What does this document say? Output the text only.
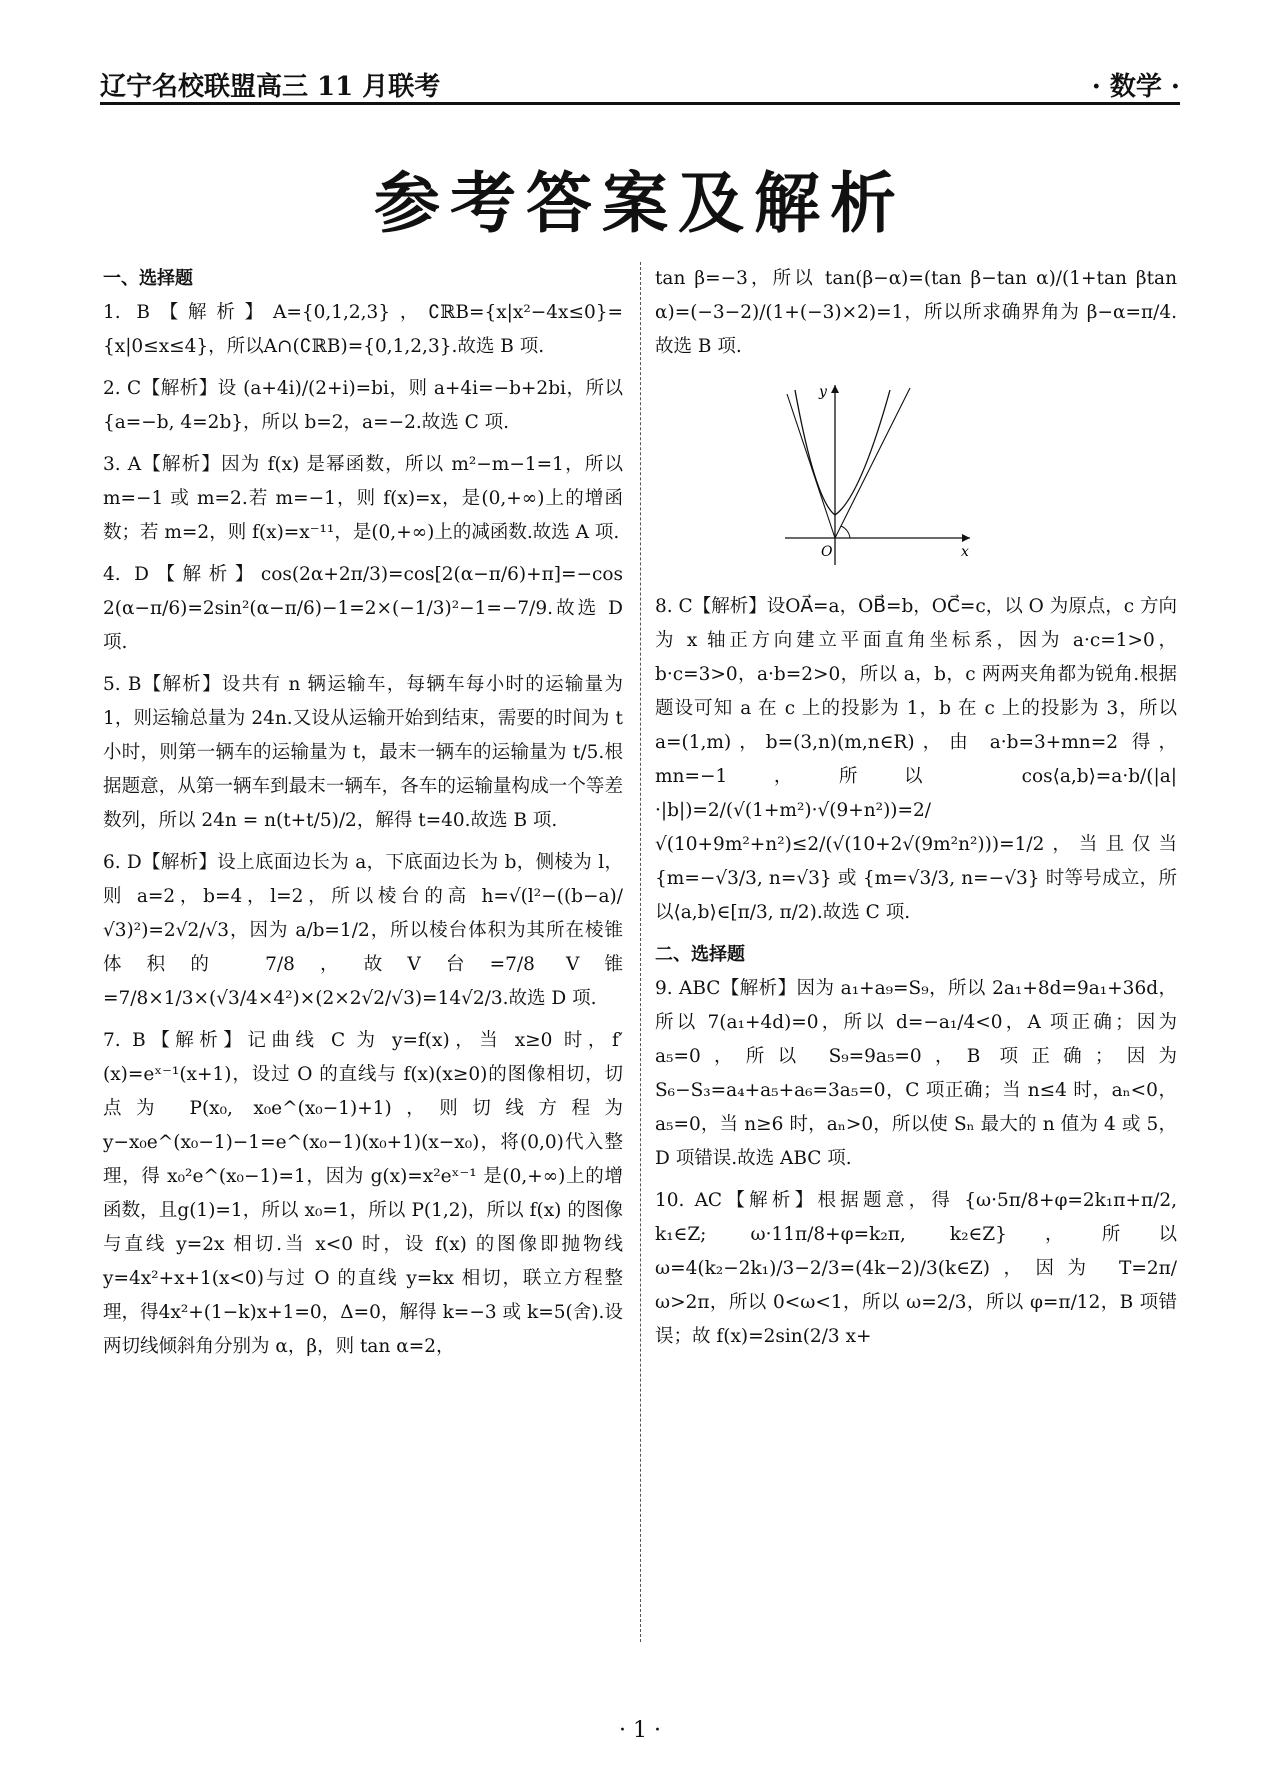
辽宁名校联盟高三 11 月联考	· 数学 ·
参考答案及解析
一、选择题

1. B【解析】A={0,1,2,3}，∁ℝB={x|x²−4x≤0}={x|0≤x≤4}，所以A∩(∁ℝB)={0,1,2,3}.故选 B 项.

2. C【解析】设 (a+4i)/(2+i)=bi，则 a+4i=−b+2bi，所以 {a=−b, 4=2b}，所以 b=2，a=−2.故选 C 项.

3. A【解析】因为 f(x) 是幂函数，所以 m²−m−1=1，所以 m=−1 或 m=2.若 m=−1，则 f(x)=x，是(0,+∞)上的增函数；若 m=2，则 f(x)=x⁻¹¹，是(0,+∞)上的减函数.故选 A 项.

4. D【解析】cos(2α+2π/3)=cos[2(α−π/6)+π]=−cos 2(α−π/6)=2sin²(α−π/6)−1=2×(−1/3)²−1=−7/9.故选 D 项.

5. B【解析】设共有 n 辆运输车，每辆车每小时的运输量为 1，则运输总量为 24n.又设从运输开始到结束，需要的时间为 t 小时，则第一辆车的运输量为 t，最末一辆车的运输量为 t/5.根据题意，从第一辆车到最末一辆车，各车的运输量构成一个等差数列，所以 24n = n(t+t/5)/2，解得 t=40.故选 B 项.

6. D【解析】设上底面边长为 a，下底面边长为 b，侧棱为 l，则 a=2，b=4，l=2，所以棱台的高 h=√(l²−((b−a)/√3)²)=2√2/√3，因为 a/b=1/2，所以棱台体积为其所在棱锥体积的 7/8，故V台=7/8 V锥=7/8×1/3×(√3/4×4²)×(2×2√2/√3)=14√2/3.故选 D 项.

7. B【解析】记曲线 C 为 y=f(x)，当 x≥0 时，f′(x)=eˣ⁻¹(x+1)，设过 O 的直线与 f(x)(x≥0)的图像相切，切点为 P(x₀, x₀e^(x₀−1)+1)，则切线方程为 y−x₀e^(x₀−1)−1=e^(x₀−1)(x₀+1)(x−x₀)，将(0,0)代入整理，得 x₀²e^(x₀−1)=1，因为 g(x)=x²eˣ⁻¹ 是(0,+∞)上的增函数，且g(1)=1，所以 x₀=1，所以 P(1,2)，所以 f(x) 的图像与直线 y=2x 相切.当 x<0 时，设 f(x) 的图像即抛物线 y=4x²+x+1(x<0)与过 O 的直线 y=kx 相切，联立方程整理，得4x²+(1−k)x+1=0，Δ=0，解得 k=−3 或 k=5(舍).设两切线倾斜角分别为 α，β，则 tan α=2，

tan β=−3，所以 tan(β−α)=(tan β−tan α)/(1+tan βtan α)=(−3−2)/(1+(−3)×2)=1，所以所求确界角为 β−α=π/4.故选 B 项.

y
x
O

8. C【解析】设OA⃗=a，OB⃗=b，OC⃗=c，以 O 为原点，c 方向为 x 轴正方向建立平面直角坐标系，因为 a·c=1>0，b·c=3>0，a·b=2>0，所以 a，b，c 两两夹角都为锐角.根据题设可知 a 在 c 上的投影为 1，b 在 c 上的投影为 3，所以 a=(1,m)，b=(3,n)(m,n∈R)，由 a·b=3+mn=2 得，mn=−1，所以 cos⟨a,b⟩=a·b/(|a|·|b|)=2/(√(1+m²)·√(9+n²))=2/√(10+9m²+n²)≤2/(√(10+2√(9m²n²)))=1/2，当且仅当 {m=−√3/3, n=√3} 或 {m=√3/3, n=−√3} 时等号成立，所以⟨a,b⟩∈[π/3, π/2).故选 C 项.

二、选择题

9. ABC【解析】因为 a₁+a₉=S₉，所以 2a₁+8d=9a₁+36d，所以 7(a₁+4d)=0，所以 d=−a₁/4<0，A 项正确；因为 a₅=0，所以 S₉=9a₅=0，B 项正确；因为 S₆−S₃=a₄+a₅+a₆=3a₅=0，C 项正确；当 n≤4 时，aₙ<0，a₅=0，当 n≥6 时，aₙ>0，所以使 Sₙ 最大的 n 值为 4 或 5，D 项错误.故选 ABC 项.

10. AC【解析】根据题意，得 {ω·5π/8+φ=2k₁π+π/2, k₁∈Z; ω·11π/8+φ=k₂π, k₂∈Z}，所以 ω=4(k₂−2k₁)/3−2/3=(4k−2)/3(k∈Z)，因为 T=2π/ω>2π，所以 0<ω<1，所以 ω=2/3，所以 φ=π/12，B 项错误；故 f(x)=2sin(2/3 x+

· 1 ·
